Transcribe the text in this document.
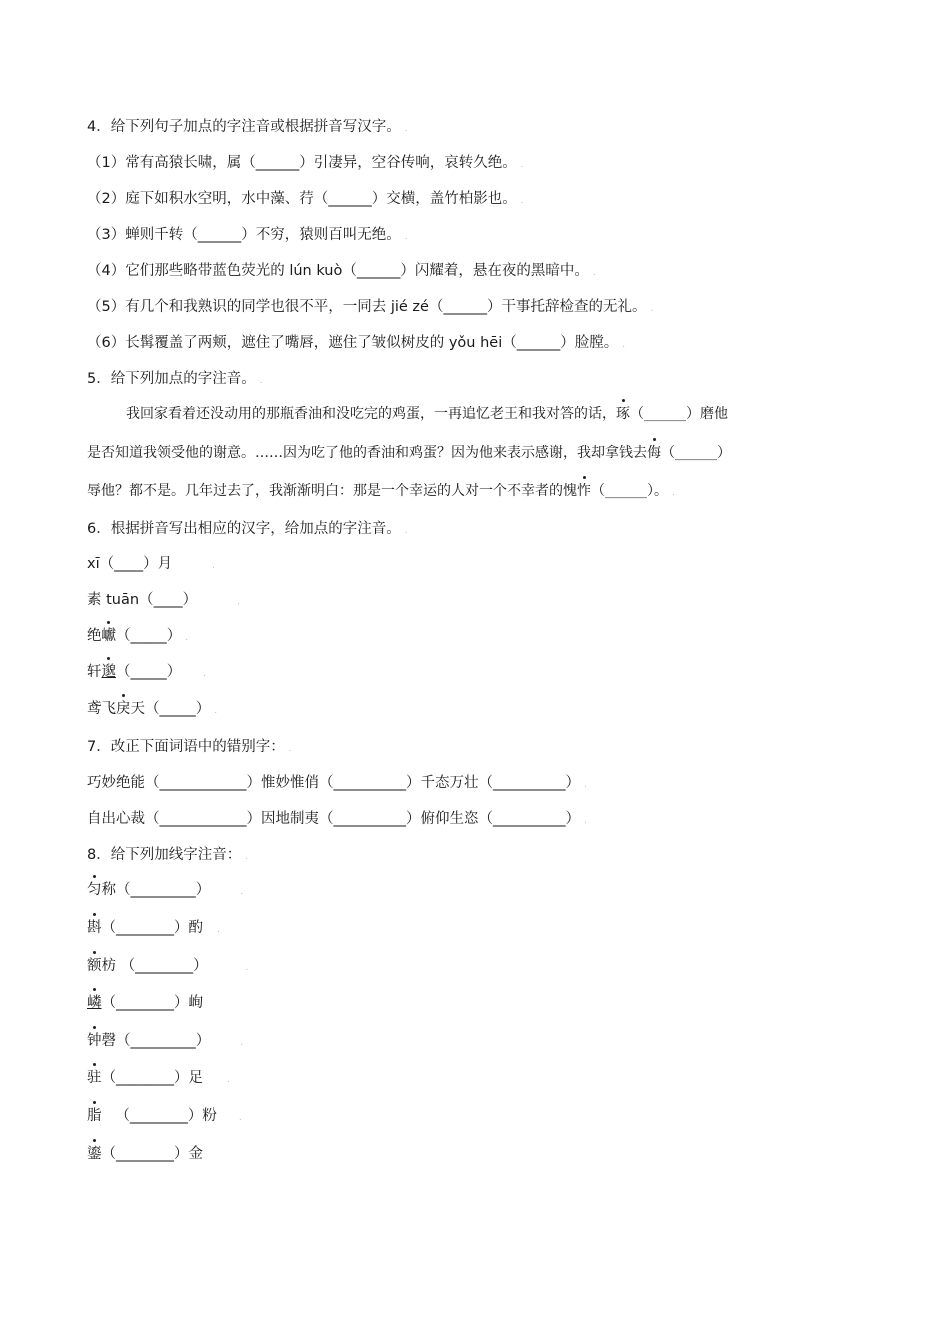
4．给下列句子加点的字注音或根据拼音写汉字。 .
（1）常有高猿长啸，属（______）引凄异，空谷传响，哀转久绝。 .
（2）庭下如积水空明，水中藻、荇（______）交横，盖竹柏影也。 .
（3）蝉则千转（______）不穷，猿则百叫无绝。 .
（4）它们那些略带蓝色荧光的 lún kuò（______）闪耀着，悬在夜的黑暗中。 .
（5）有几个和我熟识的同学也很不平，一同去 jié zé（______）干事托辞检查的无礼。 .
（6）长髯覆盖了两颊，遮住了嘴唇，遮住了皱似树皮的 yǒu hēi（______）脸膛。 .
5．给下列加点的字注音。 .
我回家看着还没动用的那瓶香油和没吃完的鸡蛋，一再追忆老王和我对答的话，琢（______）磨他
是否知道我领受他的谢意。……因为吃了他的香油和鸡蛋？因为他来表示感谢，我却拿钱去侮（______）
辱他？都不是。几年过去了，我渐渐明白：那是一个幸运的人对一个不幸者的愧怍（______）。 .
6．根据拼音写出相应的汉字，给加点的字注音。 .
xī（____）月	.
素 tuān（____）	.
绝巘（_____） .
轩邈（_____） .
鸢飞戾天（_____） .
7．改正下面词语中的错别字： .
巧妙绝能（____________）惟妙惟俏（__________）千态万壮（__________） .
自出心裁（____________）因地制夷（__________）俯仰生恣（__________） .
8．给下列加线字注音： .
匀称（_________）	.
斟（________）酌 .
额枋 （________）	.
嶙（________）峋
钟磬（_________）	.
驻（________）足	.
脂   （________）粉 .
鎏（________）金
